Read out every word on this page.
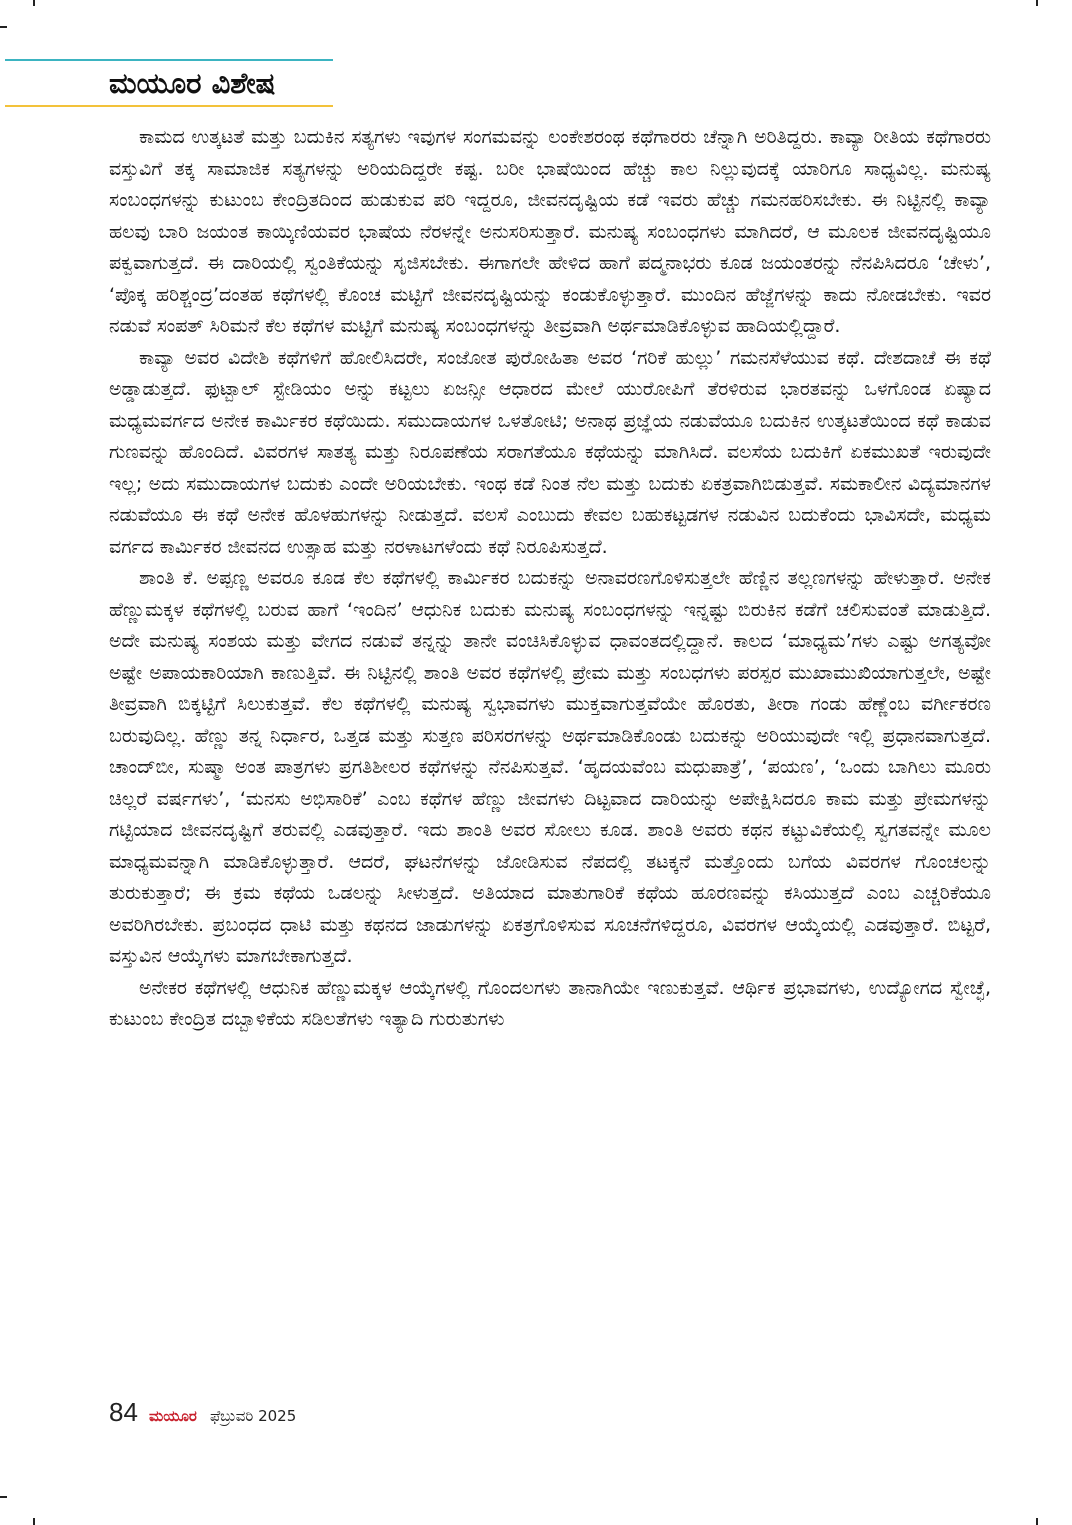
ಮಯೂರ ವಿಶೇಷ

ಕಾಮದ ಉತ್ಕಟತೆ ಮತ್ತು ಬದುಕಿನ ಸತ್ಯಗಳು ಇವುಗಳ ಸಂಗಮವನ್ನು ಲಂಕೇಶರಂಥ ಕಥೆಗಾರರು ಚೆನ್ನಾಗಿ ಅರಿತಿದ್ದರು. ಕಾವ್ಯಾ ರೀತಿಯ ಕಥೆಗಾರರು ವಸ್ತುವಿಗೆ ತಕ್ಕ ಸಾಮಾಜಿಕ ಸತ್ಯಗಳನ್ನು ಅರಿಯದಿದ್ದರೇ ಕಷ್ಟ. ಬರೀ ಭಾಷೆಯಿಂದ ಹೆಚ್ಚು ಕಾಲ ನಿಲ್ಲುವುದಕ್ಕೆ ಯಾರಿಗೂ ಸಾಧ್ಯವಿಲ್ಲ. ಮನುಷ್ಯ ಸಂಬಂಧಗಳನ್ನು ಕುಟುಂಬ ಕೇಂದ್ರಿತದಿಂದ ಹುಡುಕುವ ಪರಿ ಇದ್ದರೂ, ಜೀವನದೃಷ್ಟಿಯ ಕಡೆ ಇವರು ಹೆಚ್ಚು ಗಮನಹರಿಸಬೇಕು. ಈ ನಿಟ್ಟಿನಲ್ಲಿ ಕಾವ್ಯಾ ಹಲವು ಬಾರಿ ಜಯಂತ ಕಾಯ್ಕಿಣಿಯವರ ಭಾಷೆಯ ನೆರಳನ್ನೇ ಅನುಸರಿಸುತ್ತಾರೆ. ಮನುಷ್ಯ ಸಂಬಂಧಗಳು ಮಾಗಿದರೆ, ಆ ಮೂಲಕ ಜೀವನದೃಷ್ಟಿಯೂ ಪಕ್ವವಾಗುತ್ತದೆ. ಈ ದಾರಿಯಲ್ಲಿ ಸ್ವಂತಿಕೆಯನ್ನು ಸೃಜಿಸಬೇಕು. ಈಗಾಗಲೇ ಹೇಳಿದ ಹಾಗೆ ಪದ್ಮನಾಭರು ಕೂಡ ಜಯಂತರನ್ನು ನೆನಪಿಸಿದರೂ ‘ಚೇಳು’, ‘ಪೊಕ್ಕ ಹರಿಶ್ಚಂದ್ರ’ದಂತಹ ಕಥೆಗಳಲ್ಲಿ ಕೊಂಚ ಮಟ್ಟಿಗೆ ಜೀವನದೃಷ್ಟಿಯನ್ನು ಕಂಡುಕೊಳ್ಳುತ್ತಾರೆ. ಮುಂದಿನ ಹೆಜ್ಜೆಗಳನ್ನು ಕಾದು ನೋಡಬೇಕು. ಇವರ ನಡುವೆ ಸಂಪತ್ ಸಿರಿಮನೆ ಕೆಲ ಕಥೆಗಳ ಮಟ್ಟಿಗೆ ಮನುಷ್ಯ ಸಂಬಂಧಗಳನ್ನು ತೀವ್ರವಾಗಿ ಅರ್ಥಮಾಡಿಕೊಳ್ಳುವ ಹಾದಿಯಲ್ಲಿದ್ದಾರೆ.

ಕಾವ್ಯಾ ಅವರ ವಿದೇಶಿ ಕಥೆಗಳಿಗೆ ಹೋಲಿಸಿದರೇ, ಸಂಜೋತ ಪುರೋಹಿತಾ ಅವರ ‘ಗರಿಕೆ ಹುಲ್ಲು’ ಗಮನಸೆಳೆಯುವ ಕಥೆ. ದೇಶದಾಚೆ ಈ ಕಥೆ ಅಡ್ಡಾಡುತ್ತದೆ. ಫುಟ್ಬಾಲ್ ಸ್ಟೇಡಿಯಂ ಅನ್ನು ಕಟ್ಟಲು ಏಜನ್ಸೀ ಆಧಾರದ ಮೇಲೆ ಯುರೋಪಿಗೆ ತೆರಳಿರುವ ಭಾರತವನ್ನು ಒಳಗೊಂಡ ಏಷ್ಯಾದ ಮಧ್ಯಮವರ್ಗದ ಅನೇಕ ಕಾರ್ಮಿಕರ ಕಥೆಯಿದು. ಸಮುದಾಯಗಳ ಒಳತೋಟಿ; ಅನಾಥ ಪ್ರಜ್ಞೆಯ ನಡುವೆಯೂ ಬದುಕಿನ ಉತ್ಕಟತೆಯಿಂದ ಕಥೆ ಕಾಡುವ ಗುಣವನ್ನು ಹೊಂದಿದೆ. ವಿವರಗಳ ಸಾತತ್ಯ ಮತ್ತು ನಿರೂಪಣೆಯ ಸರಾಗತೆಯೂ ಕಥೆಯನ್ನು ಮಾಗಿಸಿದೆ. ವಲಸೆಯ ಬದುಕಿಗೆ ಏಕಮುಖತೆ ಇರುವುದೇ ಇಲ್ಲ; ಅದು ಸಮುದಾಯಗಳ ಬದುಕು ಎಂದೇ ಅರಿಯಬೇಕು. ಇಂಥ ಕಡೆ ನಿಂತ ನೆಲ ಮತ್ತು ಬದುಕು ಏಕತ್ರವಾಗಿಬಿಡುತ್ತವೆ. ಸಮಕಾಲೀನ ವಿದ್ಯಮಾನಗಳ ನಡುವೆಯೂ ಈ ಕಥೆ ಅನೇಕ ಹೊಳಹುಗಳನ್ನು ನೀಡುತ್ತದೆ. ವಲಸೆ ಎಂಬುದು ಕೇವಲ ಬಹುಕಟ್ಟಡಗಳ ನಡುವಿನ ಬದುಕೆಂದು ಭಾವಿಸದೇ, ಮಧ್ಯಮ ವರ್ಗದ ಕಾರ್ಮಿಕರ ಜೀವನದ ಉತ್ಸಾಹ ಮತ್ತು ನರಳಾಟಗಳೆಂದು ಕಥೆ ನಿರೂಪಿಸುತ್ತದೆ.

ಶಾಂತಿ ಕೆ. ಅಪ್ಪಣ್ಣ ಅವರೂ ಕೂಡ ಕೆಲ ಕಥೆಗಳಲ್ಲಿ ಕಾರ್ಮಿಕರ ಬದುಕನ್ನು ಅನಾವರಣಗೊಳಿಸುತ್ತಲೇ ಹೆಣ್ಣಿನ ತಲ್ಲಣಗಳನ್ನು ಹೇಳುತ್ತಾರೆ. ಅನೇಕ ಹೆಣ್ಣುಮಕ್ಕಳ ಕಥೆಗಳಲ್ಲಿ ಬರುವ ಹಾಗೆ ‘ಇಂದಿನ’ ಆಧುನಿಕ ಬದುಕು ಮನುಷ್ಯ ಸಂಬಂಧಗಳನ್ನು ಇನ್ನಷ್ಟು ಬಿರುಕಿನ ಕಡೆಗೆ ಚಲಿಸುವಂತೆ ಮಾಡುತ್ತಿದೆ. ಅದೇ ಮನುಷ್ಯ ಸಂಶಯ ಮತ್ತು ವೇಗದ ನಡುವೆ ತನ್ನನ್ನು ತಾನೇ ವಂಚಿಸಿಕೊಳ್ಳುವ ಧಾವಂತದಲ್ಲಿದ್ದಾನೆ. ಕಾಲದ ‘ಮಾಧ್ಯಮ’ಗಳು ಎಷ್ಟು ಅಗತ್ಯವೋ ಅಷ್ಟೇ ಅಪಾಯಕಾರಿಯಾಗಿ ಕಾಣುತ್ತಿವೆ. ಈ ನಿಟ್ಟಿನಲ್ಲಿ ಶಾಂತಿ ಅವರ ಕಥೆಗಳಲ್ಲಿ ಪ್ರೇಮ ಮತ್ತು ಸಂಬಧಗಳು ಪರಸ್ಪರ ಮುಖಾಮುಖಿಯಾಗುತ್ತಲೇ, ಅಷ್ಟೇ ತೀವ್ರವಾಗಿ ಬಿಕ್ಕಟ್ಟಿಗೆ ಸಿಲುಕುತ್ತವೆ. ಕೆಲ ಕಥೆಗಳಲ್ಲಿ ಮನುಷ್ಯ ಸ್ವಭಾವಗಳು ಮುಕ್ತವಾಗುತ್ತವೆಯೇ ಹೊರತು, ತೀರಾ ಗಂಡು ಹೆಣ್ಣೆಂಬ ವರ್ಗೀಕರಣ ಬರುವುದಿಲ್ಲ. ಹೆಣ್ಣು ತನ್ನ ನಿರ್ಧಾರ, ಒತ್ತಡ ಮತ್ತು ಸುತ್ತಣ ಪರಿಸರಗಳನ್ನು ಅರ್ಥಮಾಡಿಕೊಂಡು ಬದುಕನ್ನು ಅರಿಯುವುದೇ ಇಲ್ಲಿ ಪ್ರಧಾನವಾಗುತ್ತದೆ. ಚಾಂದ್‌ಬೀ, ಸುಷ್ಮಾ ಅಂತ ಪಾತ್ರಗಳು ಪ್ರಗತಿಶೀಲರ ಕಥೆಗಳನ್ನು ನೆನಪಿಸುತ್ತವೆ. ‘ಹೃದಯವೆಂಬ ಮಧುಪಾತ್ರೆ’, ‘ಪಯಣ’, ‘ಒಂದು ಬಾಗಿಲು ಮೂರು ಚಿಲ್ಲರೆ ವರ್ಷಗಳು’, ‘ಮನಸು ಅಭಿಸಾರಿಕೆ’ ಎಂಬ ಕಥೆಗಳ ಹೆಣ್ಣು ಜೀವಗಳು ದಿಟ್ಟವಾದ ದಾರಿಯನ್ನು ಅಪೇಕ್ಷಿಸಿದರೂ ಕಾಮ ಮತ್ತು ಪ್ರೇಮಗಳನ್ನು ಗಟ್ಟಿಯಾದ ಜೀವನದೃಷ್ಟಿಗೆ ತರುವಲ್ಲಿ ಎಡವುತ್ತಾರೆ. ಇದು ಶಾಂತಿ ಅವರ ಸೋಲು ಕೂಡ. ಶಾಂತಿ ಅವರು ಕಥನ ಕಟ್ಟುವಿಕೆಯಲ್ಲಿ ಸ್ವಗತವನ್ನೇ ಮೂಲ ಮಾಧ್ಯಮವನ್ನಾಗಿ ಮಾಡಿಕೊಳ್ಳುತ್ತಾರೆ. ಆದರೆ, ಘಟನೆಗಳನ್ನು ಜೋಡಿಸುವ ನೆಪದಲ್ಲಿ ತಟಕ್ಕನೆ ಮತ್ತೊಂದು ಬಗೆಯ ವಿವರಗಳ ಗೊಂಚಲನ್ನು ತುರುಕುತ್ತಾರೆ; ಈ ಕ್ರಮ ಕಥೆಯ ಒಡಲನ್ನು ಸೀಳುತ್ತದೆ. ಅತಿಯಾದ ಮಾತುಗಾರಿಕೆ ಕಥೆಯ ಹೂರಣವನ್ನು ಕಸಿಯುತ್ತದೆ ಎಂಬ ಎಚ್ಚರಿಕೆಯೂ ಅವರಿಗಿರಬೇಕು. ಪ್ರಬಂಧದ ಧಾಟಿ ಮತ್ತು ಕಥನದ ಜಾಡುಗಳನ್ನು ಏಕತ್ರಗೊಳಿಸುವ ಸೂಚನೆಗಳಿದ್ದರೂ, ವಿವರಗಳ ಆಯ್ಕೆಯಲ್ಲಿ ಎಡವುತ್ತಾರೆ. ಬಿಟ್ಟರೆ, ವಸ್ತುವಿನ ಆಯ್ಕೆಗಳು ಮಾಗಬೇಕಾಗುತ್ತದೆ.

ಅನೇಕರ ಕಥೆಗಳಲ್ಲಿ ಆಧುನಿಕ ಹೆಣ್ಣುಮಕ್ಕಳ ಆಯ್ಕೆಗಳಲ್ಲಿ ಗೊಂದಲಗಳು ತಾನಾಗಿಯೇ ಇಣುಕುತ್ತವೆ. ಆರ್ಥಿಕ ಪ್ರಭಾವಗಳು, ಉದ್ಯೋಗದ ಸ್ವೇಚ್ಛೆ, ಕುಟುಂಬ ಕೇಂದ್ರಿತ ದಬ್ಬಾಳಿಕೆಯ ಸಡಿಲತೆಗಳು ಇತ್ಯಾದಿ ಗುರುತುಗಳು

84 ಮಯೂರ ಫೆಬ್ರುವರಿ 2025
